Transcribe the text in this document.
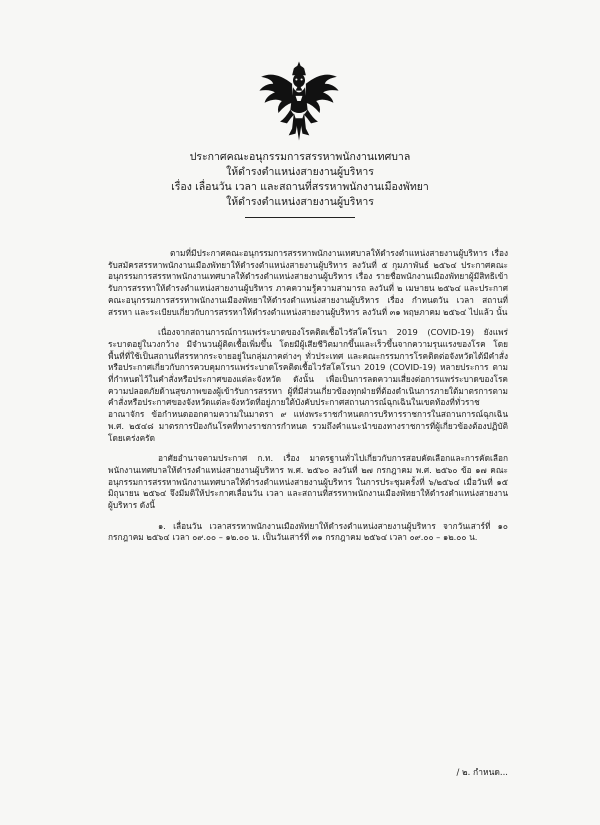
ประกาศคณะอนุกรรมการสรรหาพนักงานเทศบาล
ให้ดำรงตำแหน่งสายงานผู้บริหาร
เรื่อง เลื่อนวัน เวลา และสถานที่สรรหาพนักงานเมืองพัทยา
ให้ดำรงตำแหน่งสายงานผู้บริหาร

ตามที่มีประกาศคณะอนุกรรมการสรรหาพนักงานเทศบาลให้ดำรงตำแหน่งสายงานผู้บริหาร เรื่อง รับสมัครสรรหาพนักงานเมืองพัทยาให้ดำรงตำแหน่งสายงานผู้บริหาร ลงวันที่ ๕ กุมภาพันธ์ ๒๕๖๔ ประกาศคณะอนุกรรมการสรรหาพนักงานเทศบาลให้ดำรงตำแหน่งสายงานผู้บริหาร เรื่อง รายชื่อพนักงานเมืองพัทยาผู้มีสิทธิเข้ารับการสรรหาให้ดำรงตำแหน่งสายงานผู้บริหาร ภาคความรู้ความสามารถ ลงวันที่ ๒ เมษายน ๒๕๖๔ และประกาศคณะอนุกรรมการสรรหาพนักงานเมืองพัทยาให้ดำรงตำแหน่งสายงานผู้บริหาร เรื่อง กำหนดวัน เวลา สถานที่สรรหา และระเบียบเกี่ยวกับการสรรหาให้ดำรงตำแหน่งสายงานผู้บริหาร ลงวันที่ ๓๑ พฤษภาคม ๒๕๖๔ ไปแล้ว นั้น

เนื่องจากสถานการณ์การแพร่ระบาดของโรคติดเชื้อไวรัสโคโรนา 2019 (COVID-19) ยังแพร่ระบาดอยู่ในวงกว้าง มีจำนวนผู้ติดเชื้อเพิ่มขึ้น โดยมีผู้เสียชีวิตมากขึ้นและเร็วขึ้นจากความรุนแรงของโรค โดยพื้นที่ที่ใช้เป็นสถานที่สรรหากระจายอยู่ในกลุ่มภาคต่างๆ ทั่วประเทศ และคณะกรรมการโรคติดต่อจังหวัดได้มีคำสั่งหรือประกาศเกี่ยวกับการควบคุมการแพร่ระบาดโรคติดเชื้อไวรัสโคโรนา 2019 (COVID-19) หลายประการ ตามที่กำหนดไว้ในคำสั่งหรือประกาศของแต่ละจังหวัด ดังนั้น เพื่อเป็นการลดความเสี่ยงต่อการแพร่ระบาดของโรค ความปลอดภัยด้านสุขภาพของผู้เข้ารับการสรรหา ผู้ที่มีส่วนเกี่ยวข้องทุกฝ่ายที่ต้องดำเนินการภายใต้มาตรการตามคำสั่งหรือประกาศของจังหวัดแต่ละจังหวัดที่อยู่ภายใต้บังคับประกาศสถานการณ์ฉุกเฉินในเขตท้องที่ทั่วราชอาณาจักร ข้อกำหนดออกตามความในมาตรา ๙ แห่งพระราชกำหนดการบริหารราชการในสถานการณ์ฉุกเฉิน พ.ศ. ๒๕๔๘ มาตรการป้องกันโรคที่ทางราชการกำหนด รวมถึงคำแนะนำของทางราชการที่ผู้เกี่ยวข้องต้องปฏิบัติโดยเคร่งครัด

อาศัยอำนาจตามประกาศ ก.ท. เรื่อง มาตรฐานทั่วไปเกี่ยวกับการสอบคัดเลือกและการคัดเลือกพนักงานเทศบาลให้ดำรงตำแหน่งสายงานผู้บริหาร พ.ศ. ๒๕๖๐ ลงวันที่ ๒๗ กรกฎาคม พ.ศ. ๒๕๖๐ ข้อ ๑๗ คณะอนุกรรมการสรรหาพนักงานเทศบาลให้ดำรงตำแหน่งสายงานผู้บริหาร ในการประชุมครั้งที่ ๖/๒๕๖๔ เมื่อวันที่ ๑๕ มิถุนายน ๒๕๖๔ จึงมีมติให้ประกาศเลื่อนวัน เวลา และสถานที่สรรหาพนักงานเมืองพัทยาให้ดำรงตำแหน่งสายงานผู้บริหาร ดังนี้

๑. เลื่อนวัน เวลาสรรหาพนักงานเมืองพัทยาให้ดำรงตำแหน่งสายงานผู้บริหาร จากวันเสาร์ที่ ๑๐ กรกฎาคม ๒๕๖๔ เวลา ๐๙.๐๐ – ๑๒.๐๐ น. เป็นวันเสาร์ที่ ๓๑ กรกฎาคม ๒๕๖๔ เวลา ๐๙.๐๐ – ๑๒.๐๐ น.

/ ๒. กำหนด...
